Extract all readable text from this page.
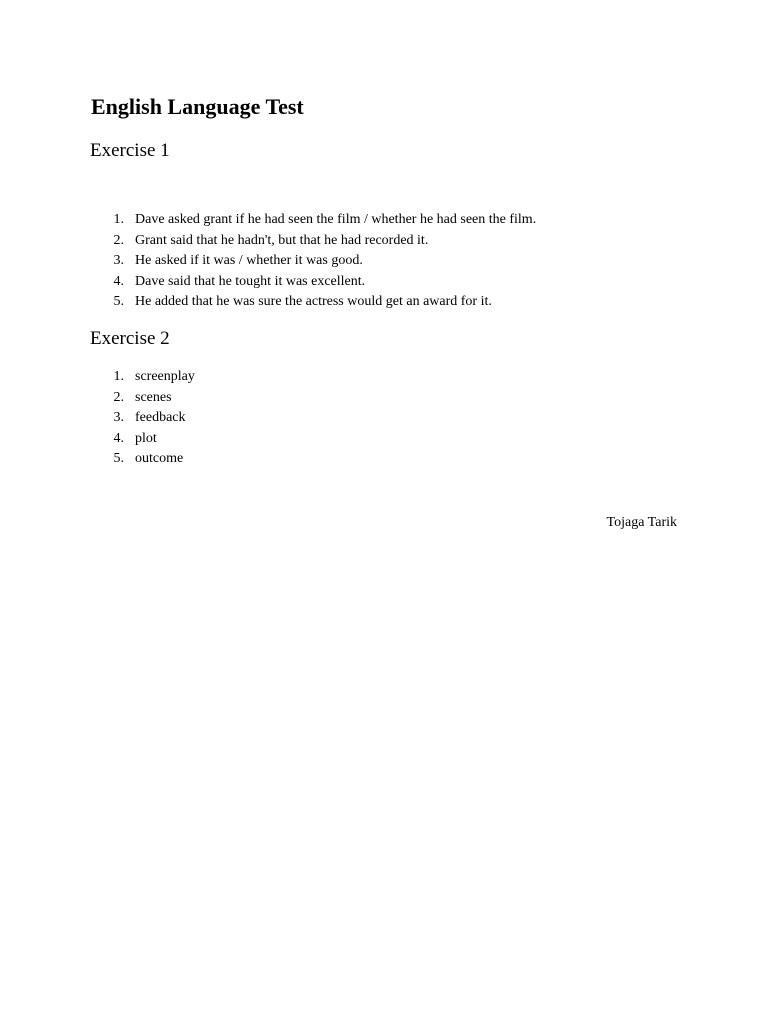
English Language Test
Exercise 1
1. Dave asked grant if he had seen the film / whether he had seen the film.
2. Grant said that he hadn't, but that he had recorded it.
3. He asked if it was / whether it was good.
4. Dave said that he tought it was excellent.
5. He added that he was sure the actress would get an award for it.
Exercise 2
1. screenplay
2. scenes
3. feedback
4. plot
5. outcome
Tojaga Tarik
